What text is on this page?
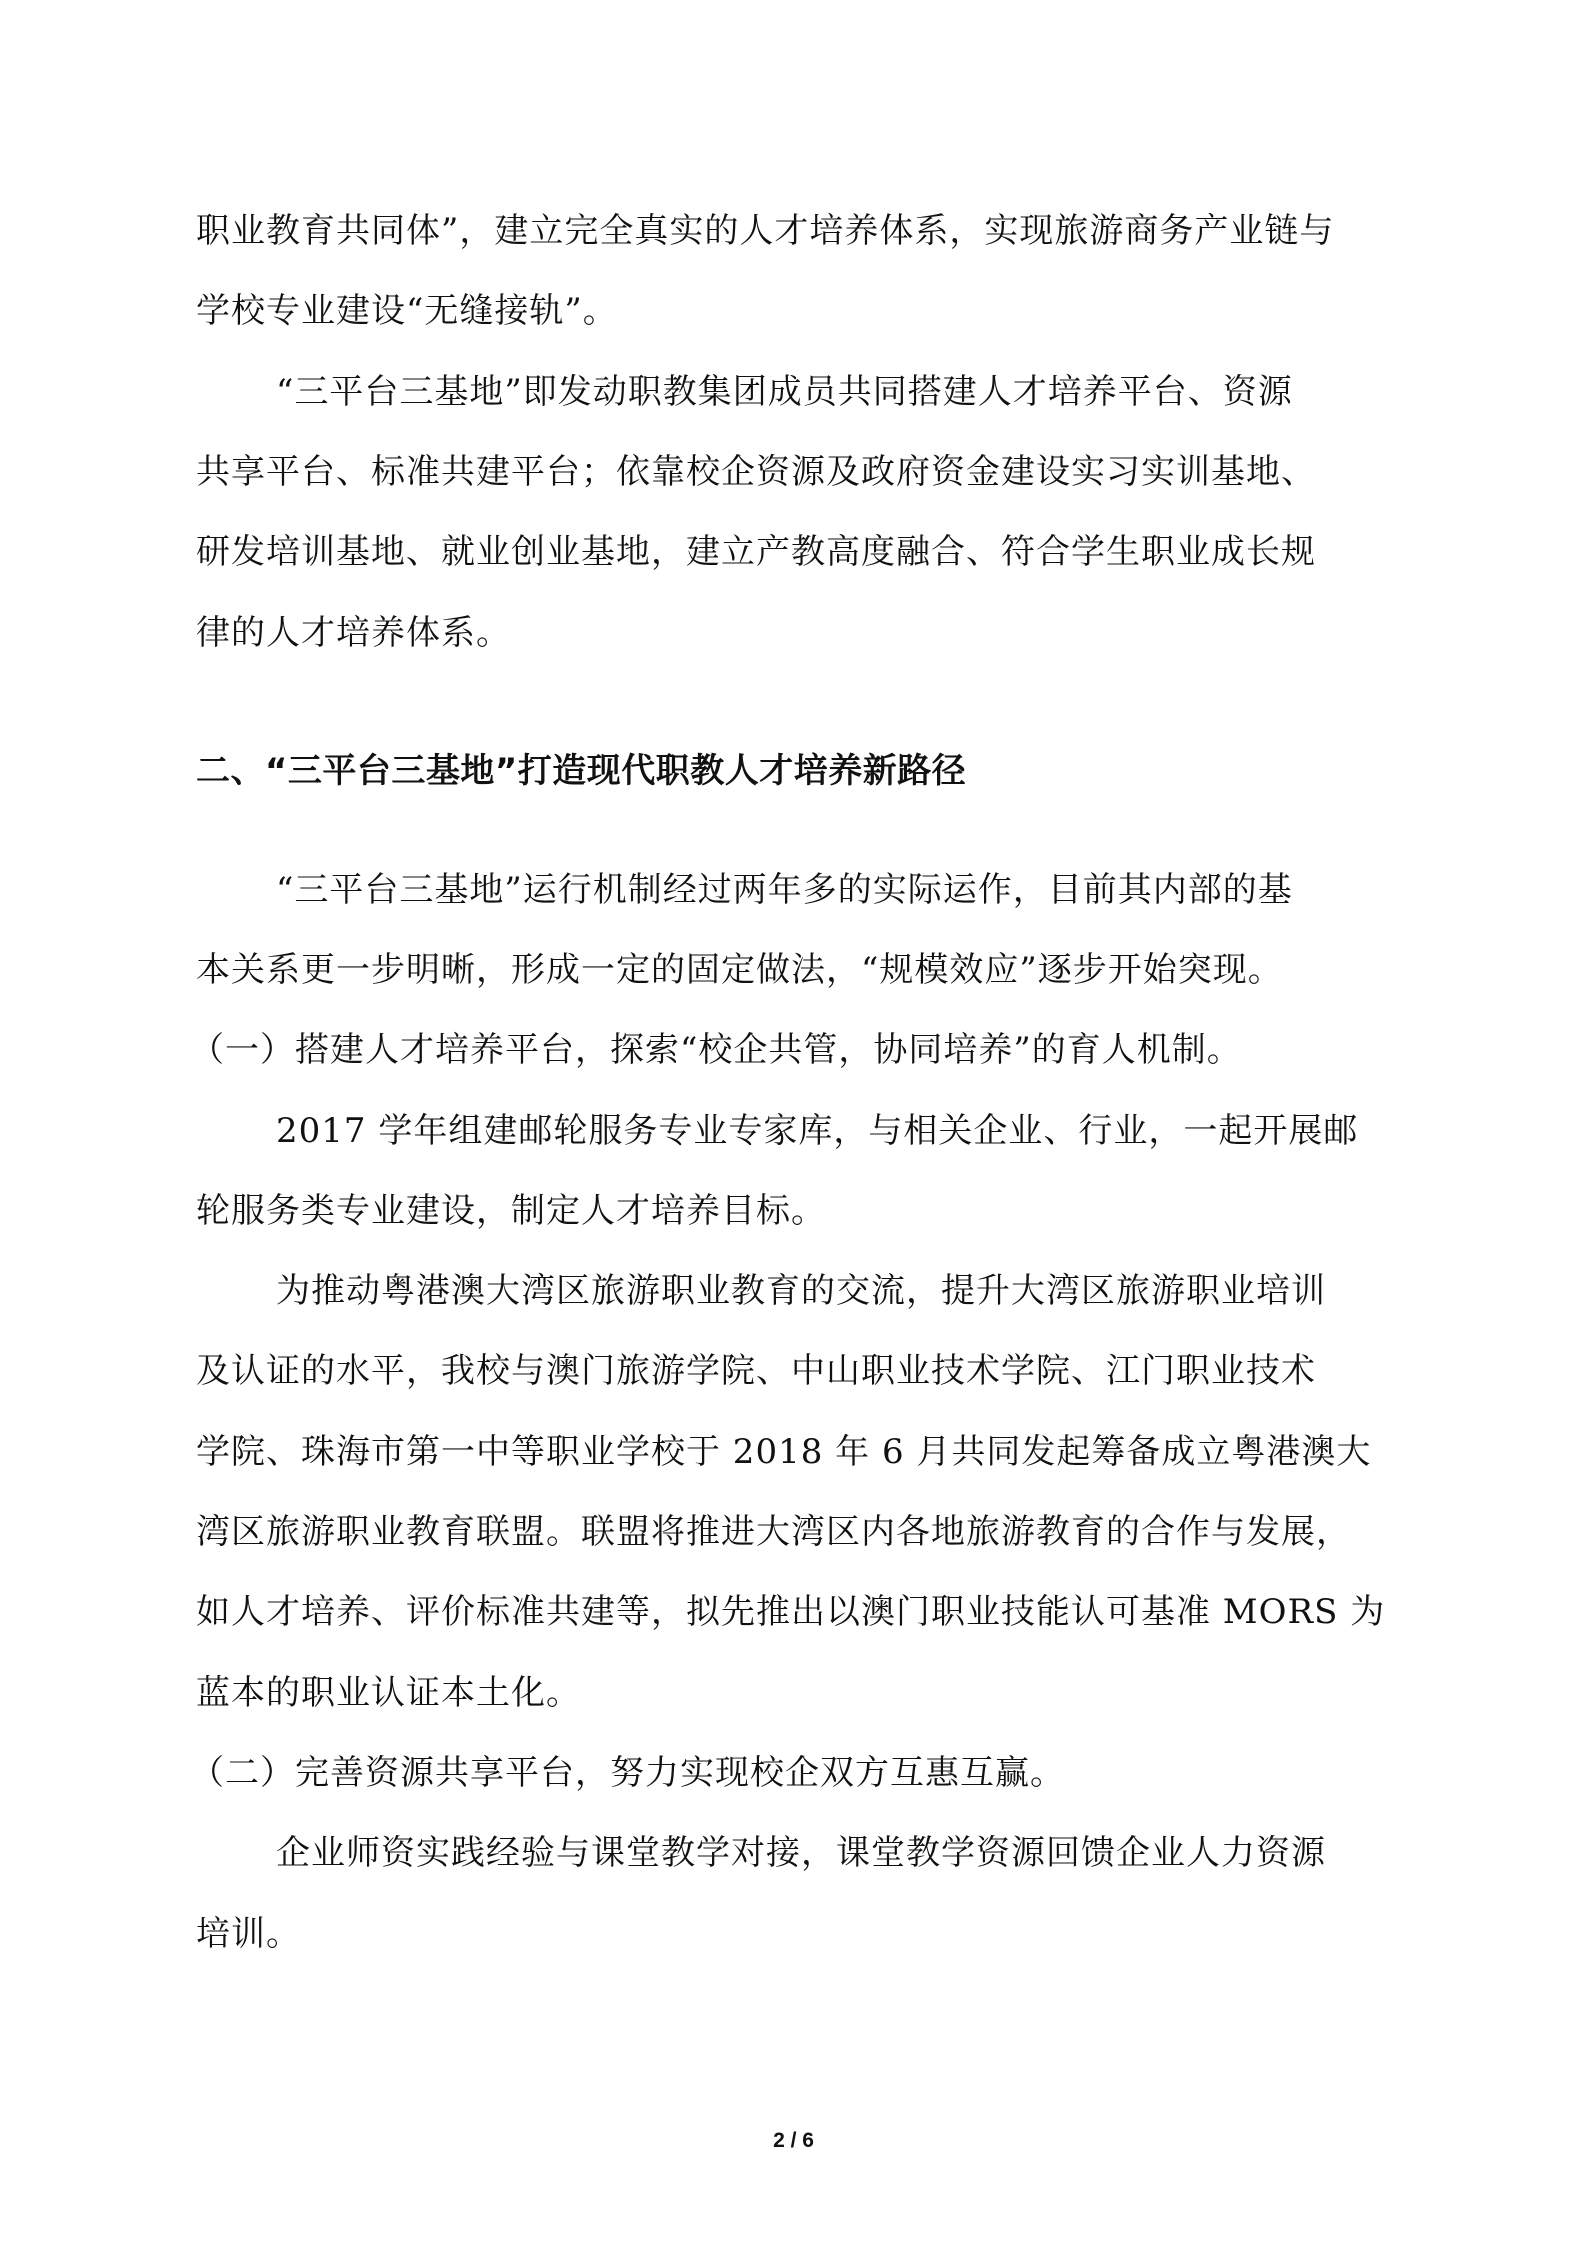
职业教育共同体”，建立完全真实的人才培养体系，实现旅游商务产业链与
学校专业建设“无缝接轨”。
“三平台三基地”即发动职教集团成员共同搭建人才培养平台、资源
共享平台、标准共建平台；依靠校企资源及政府资金建设实习实训基地、
研发培训基地、就业创业基地，建立产教高度融合、符合学生职业成长规
律的人才培养体系。
二、“三平台三基地”打造现代职教人才培养新路径
“三平台三基地”运行机制经过两年多的实际运作，目前其内部的基
本关系更一步明晰，形成一定的固定做法，“规模效应”逐步开始突现。
（一）搭建人才培养平台，探索“校企共管，协同培养”的育人机制。
2017 学年组建邮轮服务专业专家库，与相关企业、行业，一起开展邮
轮服务类专业建设，制定人才培养目标。
为推动粤港澳大湾区旅游职业教育的交流，提升大湾区旅游职业培训
及认证的水平，我校与澳门旅游学院、中山职业技术学院、江门职业技术
学院、珠海市第一中等职业学校于 2018 年 6 月共同发起筹备成立粤港澳大
湾区旅游职业教育联盟。联盟将推进大湾区内各地旅游教育的合作与发展，
如人才培养、评价标准共建等，拟先推出以澳门职业技能认可基准 MORS 为
蓝本的职业认证本土化。
（二）完善资源共享平台，努力实现校企双方互惠互赢。
企业师资实践经验与课堂教学对接，课堂教学资源回馈企业人力资源
培训。
2 / 6
